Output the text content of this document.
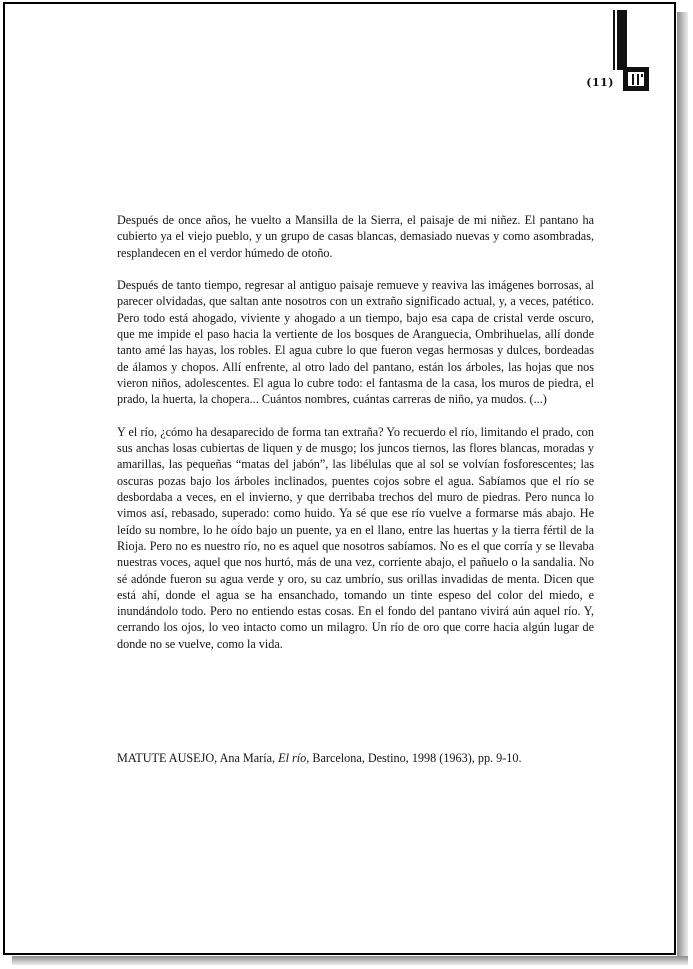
(11)

Después de once años, he vuelto a Mansilla de la Sierra, el paisaje de mi niñez. El pantano ha cubierto ya el viejo pueblo, y un grupo de casas blancas, demasiado nuevas y como asombradas, resplandecen en el verdor húmedo de otoño.

Después de tanto tiempo, regresar al antiguo paisaje remueve y reaviva las imágenes borrosas, al parecer olvidadas, que saltan ante nosotros con un extraño significado actual, y, a veces, patético. Pero todo está ahogado, viviente y ahogado a un tiempo, bajo esa capa de cristal verde oscuro, que me impide el paso hacia la vertiente de los bosques de Aranguecia, Ombrihuelas, allí donde tanto amé las hayas, los robles. El agua cubre lo que fueron vegas hermosas y dulces, bordeadas de álamos y chopos. Allí enfrente, al otro lado del pantano, están los árboles, las hojas que nos vieron niños, adolescentes. El agua lo cubre todo: el fantasma de la casa, los muros de piedra, el prado, la huerta, la chopera... Cuántos nombres, cuántas carreras de niño, ya mudos. (...)

Y el río, ¿cómo ha desaparecido de forma tan extraña? Yo recuerdo el río, limitando el prado, con sus anchas losas cubiertas de liquen y de musgo; los juncos tiernos, las flores blancas, moradas y amarillas, las pequeñas “matas del jabón”, las libélulas que al sol se volvían fosforescentes; las oscuras pozas bajo los árboles inclinados, puentes cojos sobre el agua. Sabíamos que el río se desbordaba a veces, en el invierno, y que derribaba trechos del muro de piedras. Pero nunca lo vimos así, rebasado, superado: como huido. Ya sé que ese río vuelve a formarse más abajo. He leído su nombre, lo he oído bajo un puente, ya en el llano, entre las huertas y la tierra fértil de la Rioja. Pero no es nuestro río, no es aquel que nosotros sabíamos. No es el que corría y se llevaba nuestras voces, aquel que nos hurtó, más de una vez, corriente abajo, el pañuelo o la sandalia. No sé adónde fueron su agua verde y oro, su caz umbrío, sus orillas invadidas de menta. Dicen que está ahí, donde el agua se ha ensanchado, tomando un tinte espeso del color del miedo, e inundándolo todo. Pero no entiendo estas cosas. En el fondo del pantano vivirá aún aquel río. Y, cerrando los ojos, lo veo intacto como un milagro. Un río de oro que corre hacia algún lugar de donde no se vuelve, como la vida.

MATUTE AUSEJO, Ana María, El río, Barcelona, Destino, 1998 (1963), pp. 9-10.
